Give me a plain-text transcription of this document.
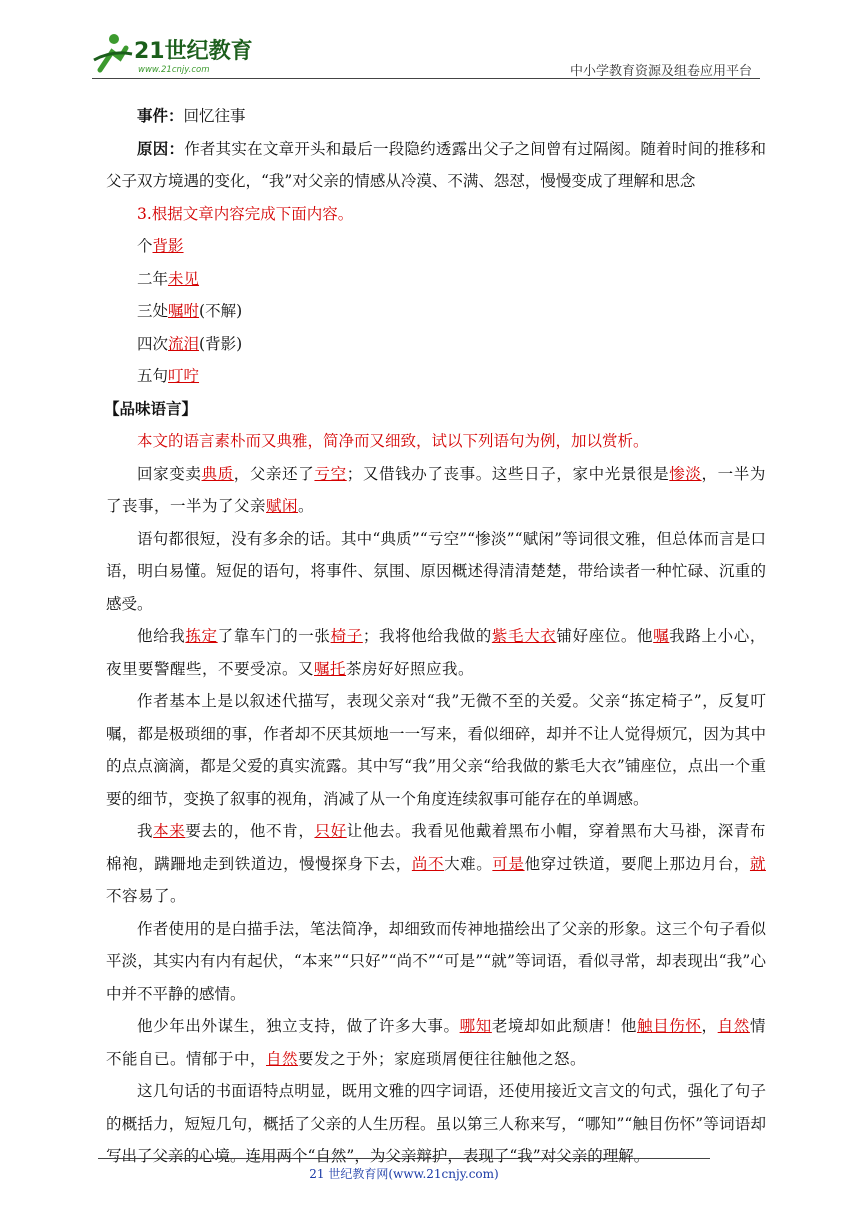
21世纪教育
www.21cnjy.com	中小学教育资源及组卷应用平台

事件：回忆往事

原因：作者其实在文章开头和最后一段隐约透露出父子之间曾有过隔阂。随着时间的推移和父子双方境遇的变化，“我”对父亲的情感从冷漠、不满、怨怼，慢慢变成了理解和思念

3.根据文章内容完成下面内容。

个背影

二年未见

三处嘱咐(不解)

四次流泪(背影)

五句叮咛

【品味语言】

本文的语言素朴而又典雅，简净而又细致，试以下列语句为例，加以赏析。

回家变卖典质，父亲还了亏空；又借钱办了丧事。这些日子，家中光景很是惨淡，一半为了丧事，一半为了父亲赋闲。

语句都很短，没有多余的话。其中“典质”“亏空”“惨淡”“赋闲”等词很文雅，但总体而言是口语，明白易懂。短促的语句，将事件、氛围、原因概述得清清楚楚，带给读者一种忙碌、沉重的感受。

他给我拣定了靠车门的一张椅子；我将他给我做的紫毛大衣铺好座位。他嘱我路上小心，夜里要警醒些，不要受凉。又嘱托茶房好好照应我。

作者基本上是以叙述代描写，表现父亲对“我”无微不至的关爱。父亲“拣定椅子”，反复叮嘱，都是极琐细的事，作者却不厌其烦地一一写来，看似细碎，却并不让人觉得烦冗，因为其中的点点滴滴，都是父爱的真实流露。其中写“我”用父亲“给我做的紫毛大衣”铺座位，点出一个重要的细节，变换了叙事的视角，消减了从一个角度连续叙事可能存在的单调感。

我本来要去的，他不肯，只好让他去。我看见他戴着黑布小帽，穿着黑布大马褂，深青布棉袍，蹒跚地走到铁道边，慢慢探身下去，尚不大难。可是他穿过铁道，要爬上那边月台，就不容易了。

作者使用的是白描手法，笔法简净，却细致而传神地描绘出了父亲的形象。这三个句子看似平淡，其实内有内有起伏，“本来”“只好”“尚不”“可是”“就”等词语，看似寻常，却表现出“我”心中并不平静的感情。

他少年出外谋生，独立支持，做了许多大事。哪知老境却如此颓唐！他触目伤怀，自然情不能自已。情郁于中，自然要发之于外；家庭琐屑便往往触他之怒。

这几句话的书面语特点明显，既用文雅的四字词语，还使用接近文言文的句式，强化了句子的概括力，短短几句，概括了父亲的人生历程。虽以第三人称来写，“哪知”“触目伤怀”等词语却写出了父亲的心境。连用两个“自然”，为父亲辩护，表现了“我”对父亲的理解。

21 世纪教育网(www.21cnjy.com)
